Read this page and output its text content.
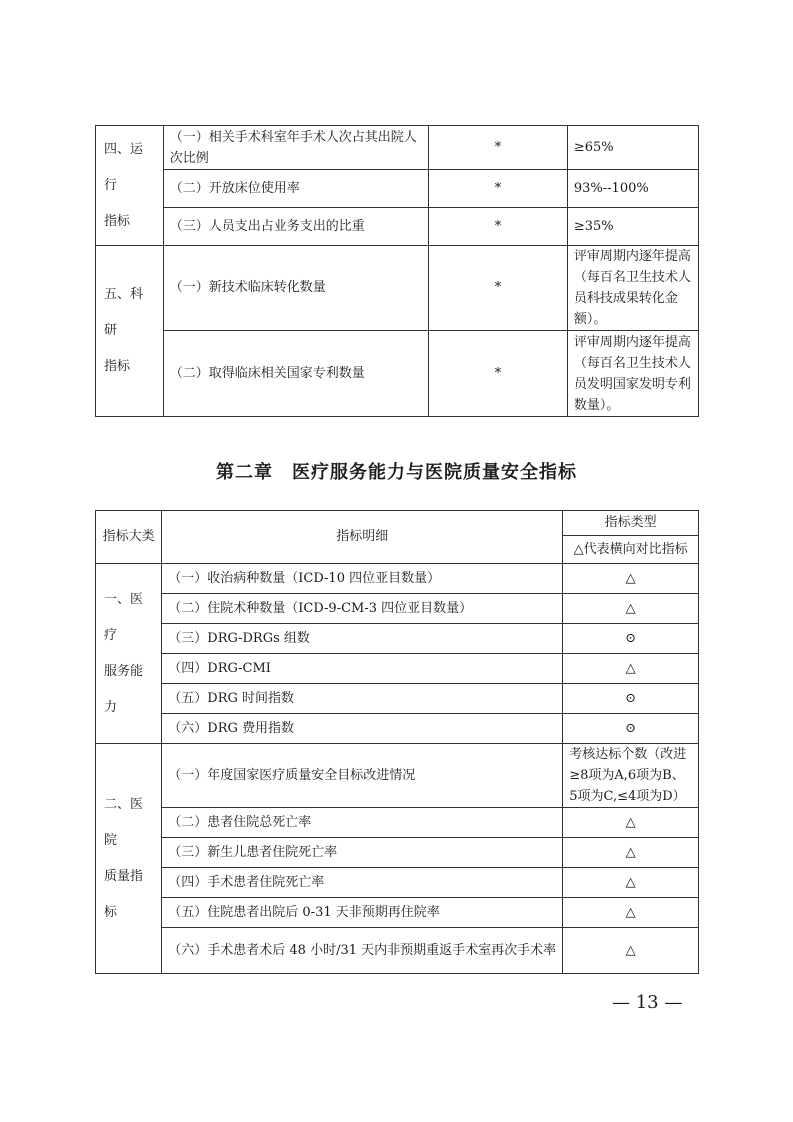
四、运行
指标	（一）相关手术科室年手术人次占其出院人次比例	*	≥65%
	（二）开放床位使用率	*	93%--100%
	（三）人员支出占业务支出的比重	*	≥35%

五、科研
指标	（一）新技术临床转化数量	*	评审周期内逐年提高（每百名卫生技术人员科技成果转化金额）。
	（二）取得临床相关国家专利数量	*	评审周期内逐年提高（每百名卫生技术人员发明国家发明专利数量）。
第二章　医疗服务能力与医院质量安全指标
指标大类	指标明细	指标类型
		△代表横向对比指标

一、医疗
服务能力	（一）收治病种数量（ICD-10 四位亚目数量）	△
	（二）住院术种数量（ICD-9-CM-3 四位亚目数量）	△
	（三）DRG-DRGs 组数	⊙
	（四）DRG-CMI	△
	（五）DRG 时间指数	⊙
	（六）DRG 费用指数	⊙

二、医院
质量指标	（一）年度国家医疗质量安全目标改进情况	考核达标个数（改进≥8项为A,6项为B、5项为C,≤4项为D）
	（二）患者住院总死亡率	△
	（三）新生儿患者住院死亡率	△
	（四）手术患者住院死亡率	△
	（五）住院患者出院后 0-31 天非预期再住院率	△
	（六）手术患者术后 48 小时/31 天内非预期重返手术室再次手术率	△
— 13 —
